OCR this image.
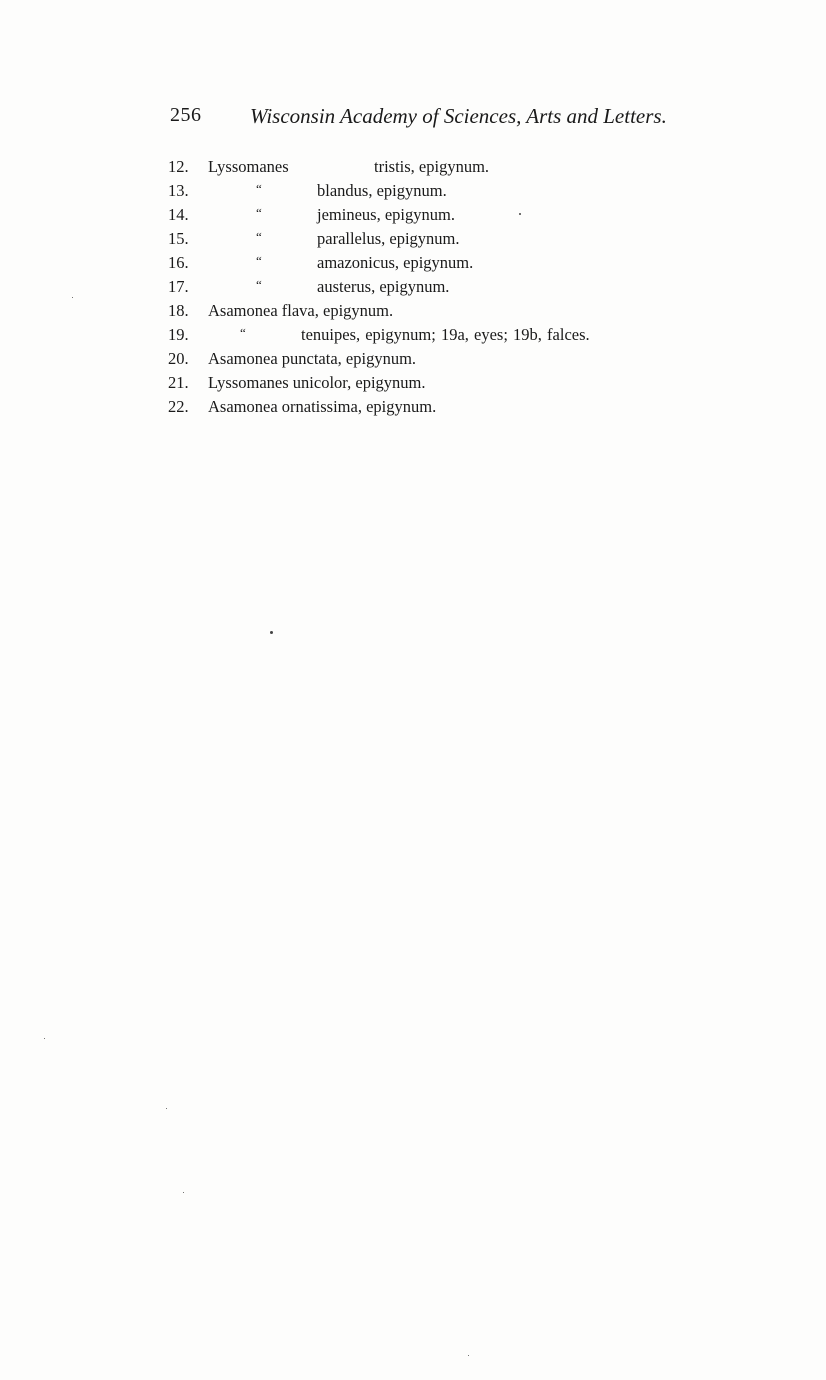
256 Wisconsin Academy of Sciences, Arts and Letters.
12.	Lyssomanes	tristis, epigynum.
13.	“	blandus, epigynum.
14.	“	jemineus, epigynum.
15.	“	parallelus, epigynum.
16.	“	amazonicus, epigynum.
17.	“	austerus, epigynum.
18.	Asamonea flava, epigynum.
19.	“	tenuipes, epigynum; 19a, eyes; 19b, falces.
20.	Asamonea punctata, epigynum.
21.	Lyssomanes unicolor, epigynum.
22.	Asamonea ornatissima, epigynum.
